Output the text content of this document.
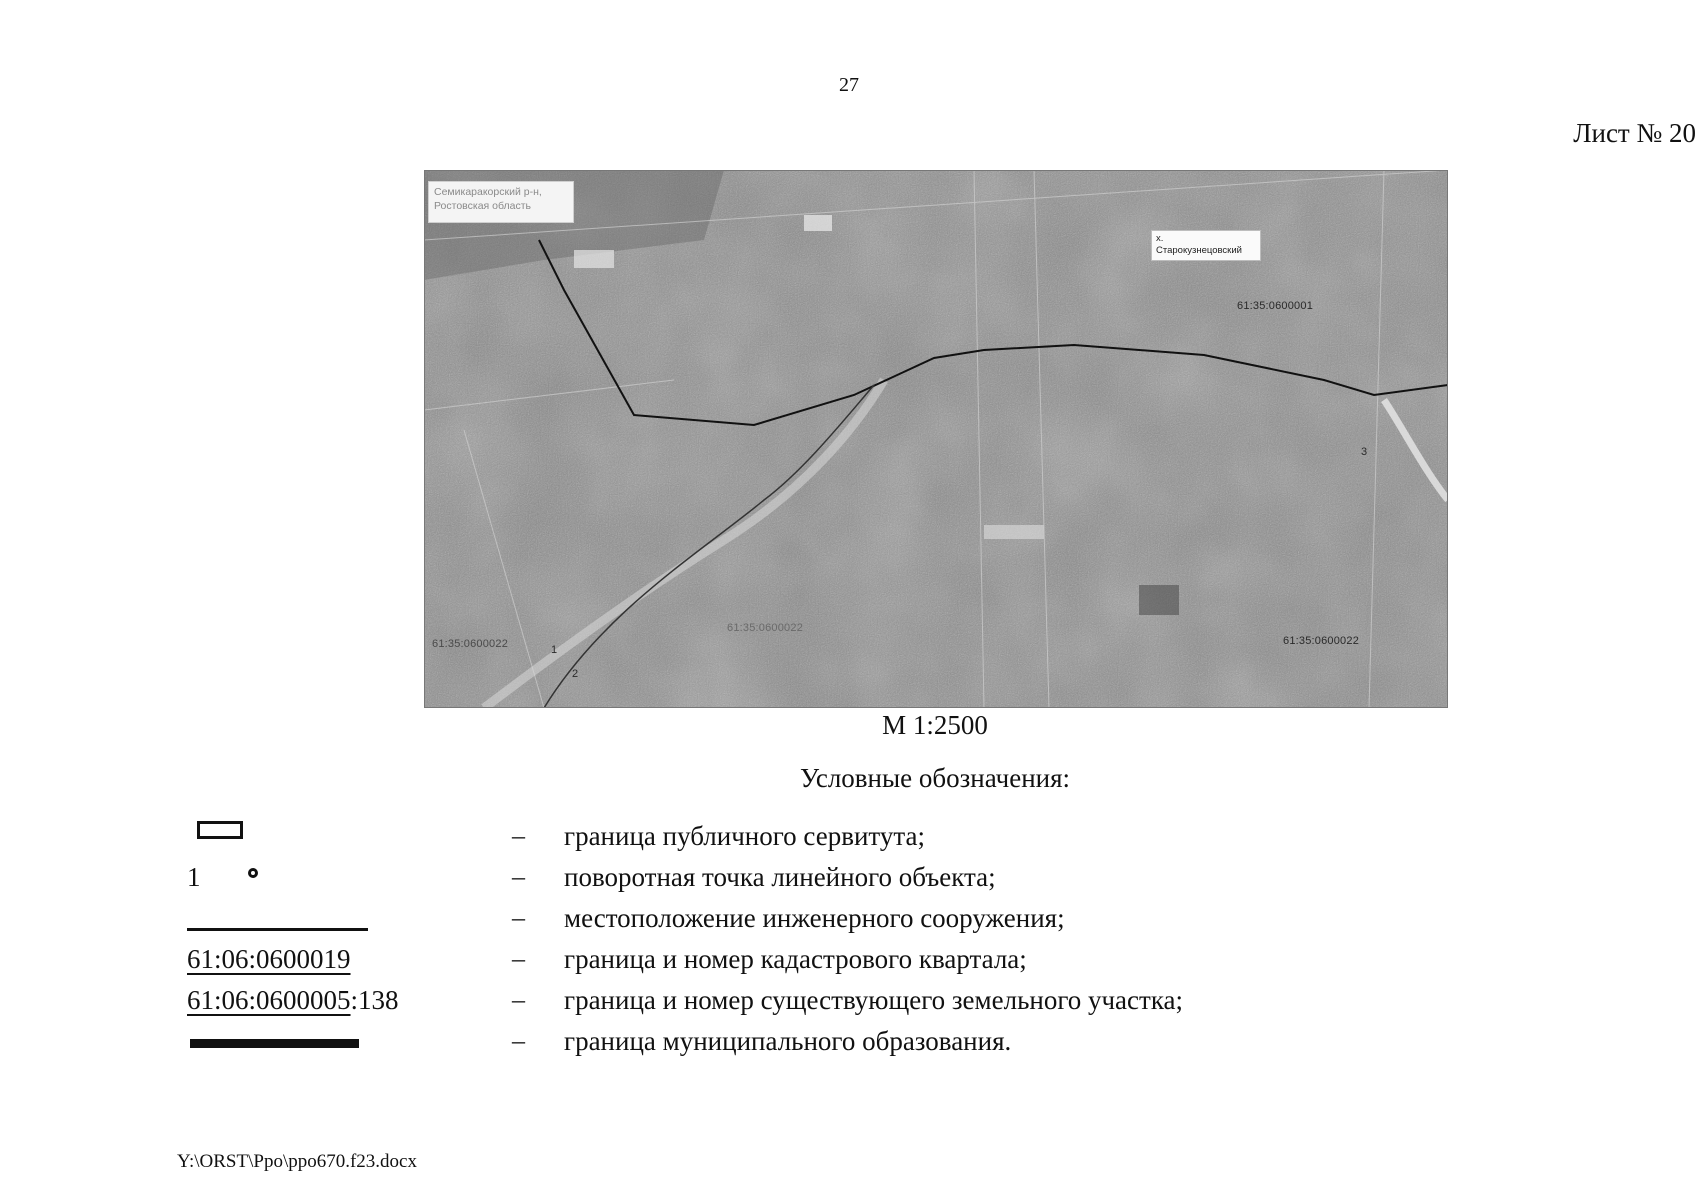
27
Лист № 20
Семикаракорский р-н,
Ростовская область
х.
Старокузнецовский
61:35:0600001
61:35:0600022
61:35:0600022
61:35:0600022
1
2
3
М 1:2500
Условные обозначения:
– граница публичного сервитута;
1	– поворотная точка линейного объекта;
– местоположение инженерного сооружения;
61:06:0600019	– граница и номер кадастрового квартала;
61:06:0600005:138	– граница и номер существующего земельного участка;
– граница муниципального образования.
Y:\ORST\Ppo\ppo670.f23.docx
